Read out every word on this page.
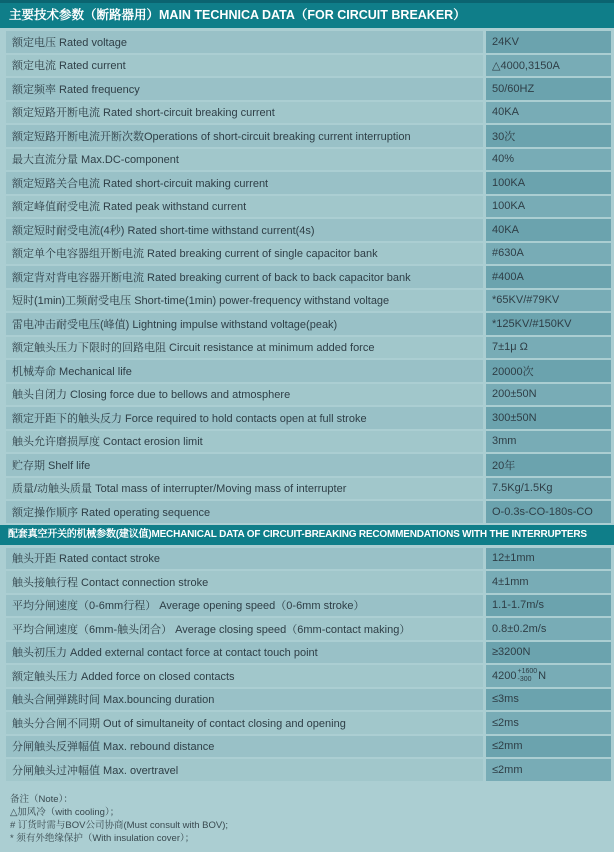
主要技术参数（断路器用）MAIN TECHNICA DATA（FOR CIRCUIT BREAKER）
额定电压 Rated voltage	24KV
额定电流 Rated current	△4000,3150A
额定频率 Rated frequency	50/60HZ
额定短路开断电流 Rated short-circuit breaking current	40KA
额定短路开断电流开断次数Operations of short-circuit breaking current interruption	30次
最大直流分量 Max.DC-component	40%
额定短路关合电流 Rated short-circuit making current	100KA
额定峰值耐受电流 Rated peak withstand current	100KA
额定短时耐受电流(4秒) Rated short-time withstand current(4s)	40KA
额定单个电容器组开断电流 Rated breaking current of single capacitor bank	#630A
额定背对背电容器开断电流 Rated breaking current of back to back capacitor bank	#400A
短时(1min)工频耐受电压 Short-time(1min) power-frequency withstand voltage	*65KV/#79KV
雷电冲击耐受电压(峰值) Lightning impulse withstand voltage(peak)	*125KV/#150KV
额定触头压力下限时的回路电阻 Circuit resistance at minimum added force	7±1μ Ω
机械寿命 Mechanical life	20000次
触头自闭力 Closing force due to bellows and atmosphere	200±50N
额定开距下的触头反力 Force required to hold contacts open at full stroke	300±50N
触头允许磨损厚度 Contact erosion limit	3mm
贮存期 Shelf life	20年
质量/动触头质量 Total mass of interrupter/Moving mass of interrupter	7.5Kg/1.5Kg
额定操作顺序 Rated operating sequence	O-0.3s-CO-180s-CO
配套真空开关的机械参数(建议值)MECHANICAL DATA OF CIRCUIT-BREAKING RECOMMENDATIONS WITH THE INTERRUPTERS
触头开距 Rated contact stroke	12±1mm
触头接触行程 Contact connection stroke	4±1mm
平均分闸速度（0-6mm行程） Average opening speed（0-6mm stroke）	1.1-1.7m/s
平均合闸速度（6mm-触头闭合） Average closing speed（6mm-contact making）	0.8±0.2m/s
触头初压力 Added external contact force at contact touch point	≥3200N
额定触头压力 Added force on closed contacts	4200 +1600
-300 N
触头合闸弹跳时间 Max.bouncing duration	≤3ms
触头分合闸不同期 Out of simultaneity of contact closing and opening	≤2ms
分闸触头反弹幅值 Max. rebound distance	≤2mm
分闸触头过冲幅值 Max. overtravel	≤2mm
备注（Note）：
△加风冷（with cooling）；
# 订货时需与BOV公司协商(Must consult with BOV);
* 须有外绝缘保护（With insulation cover）；
